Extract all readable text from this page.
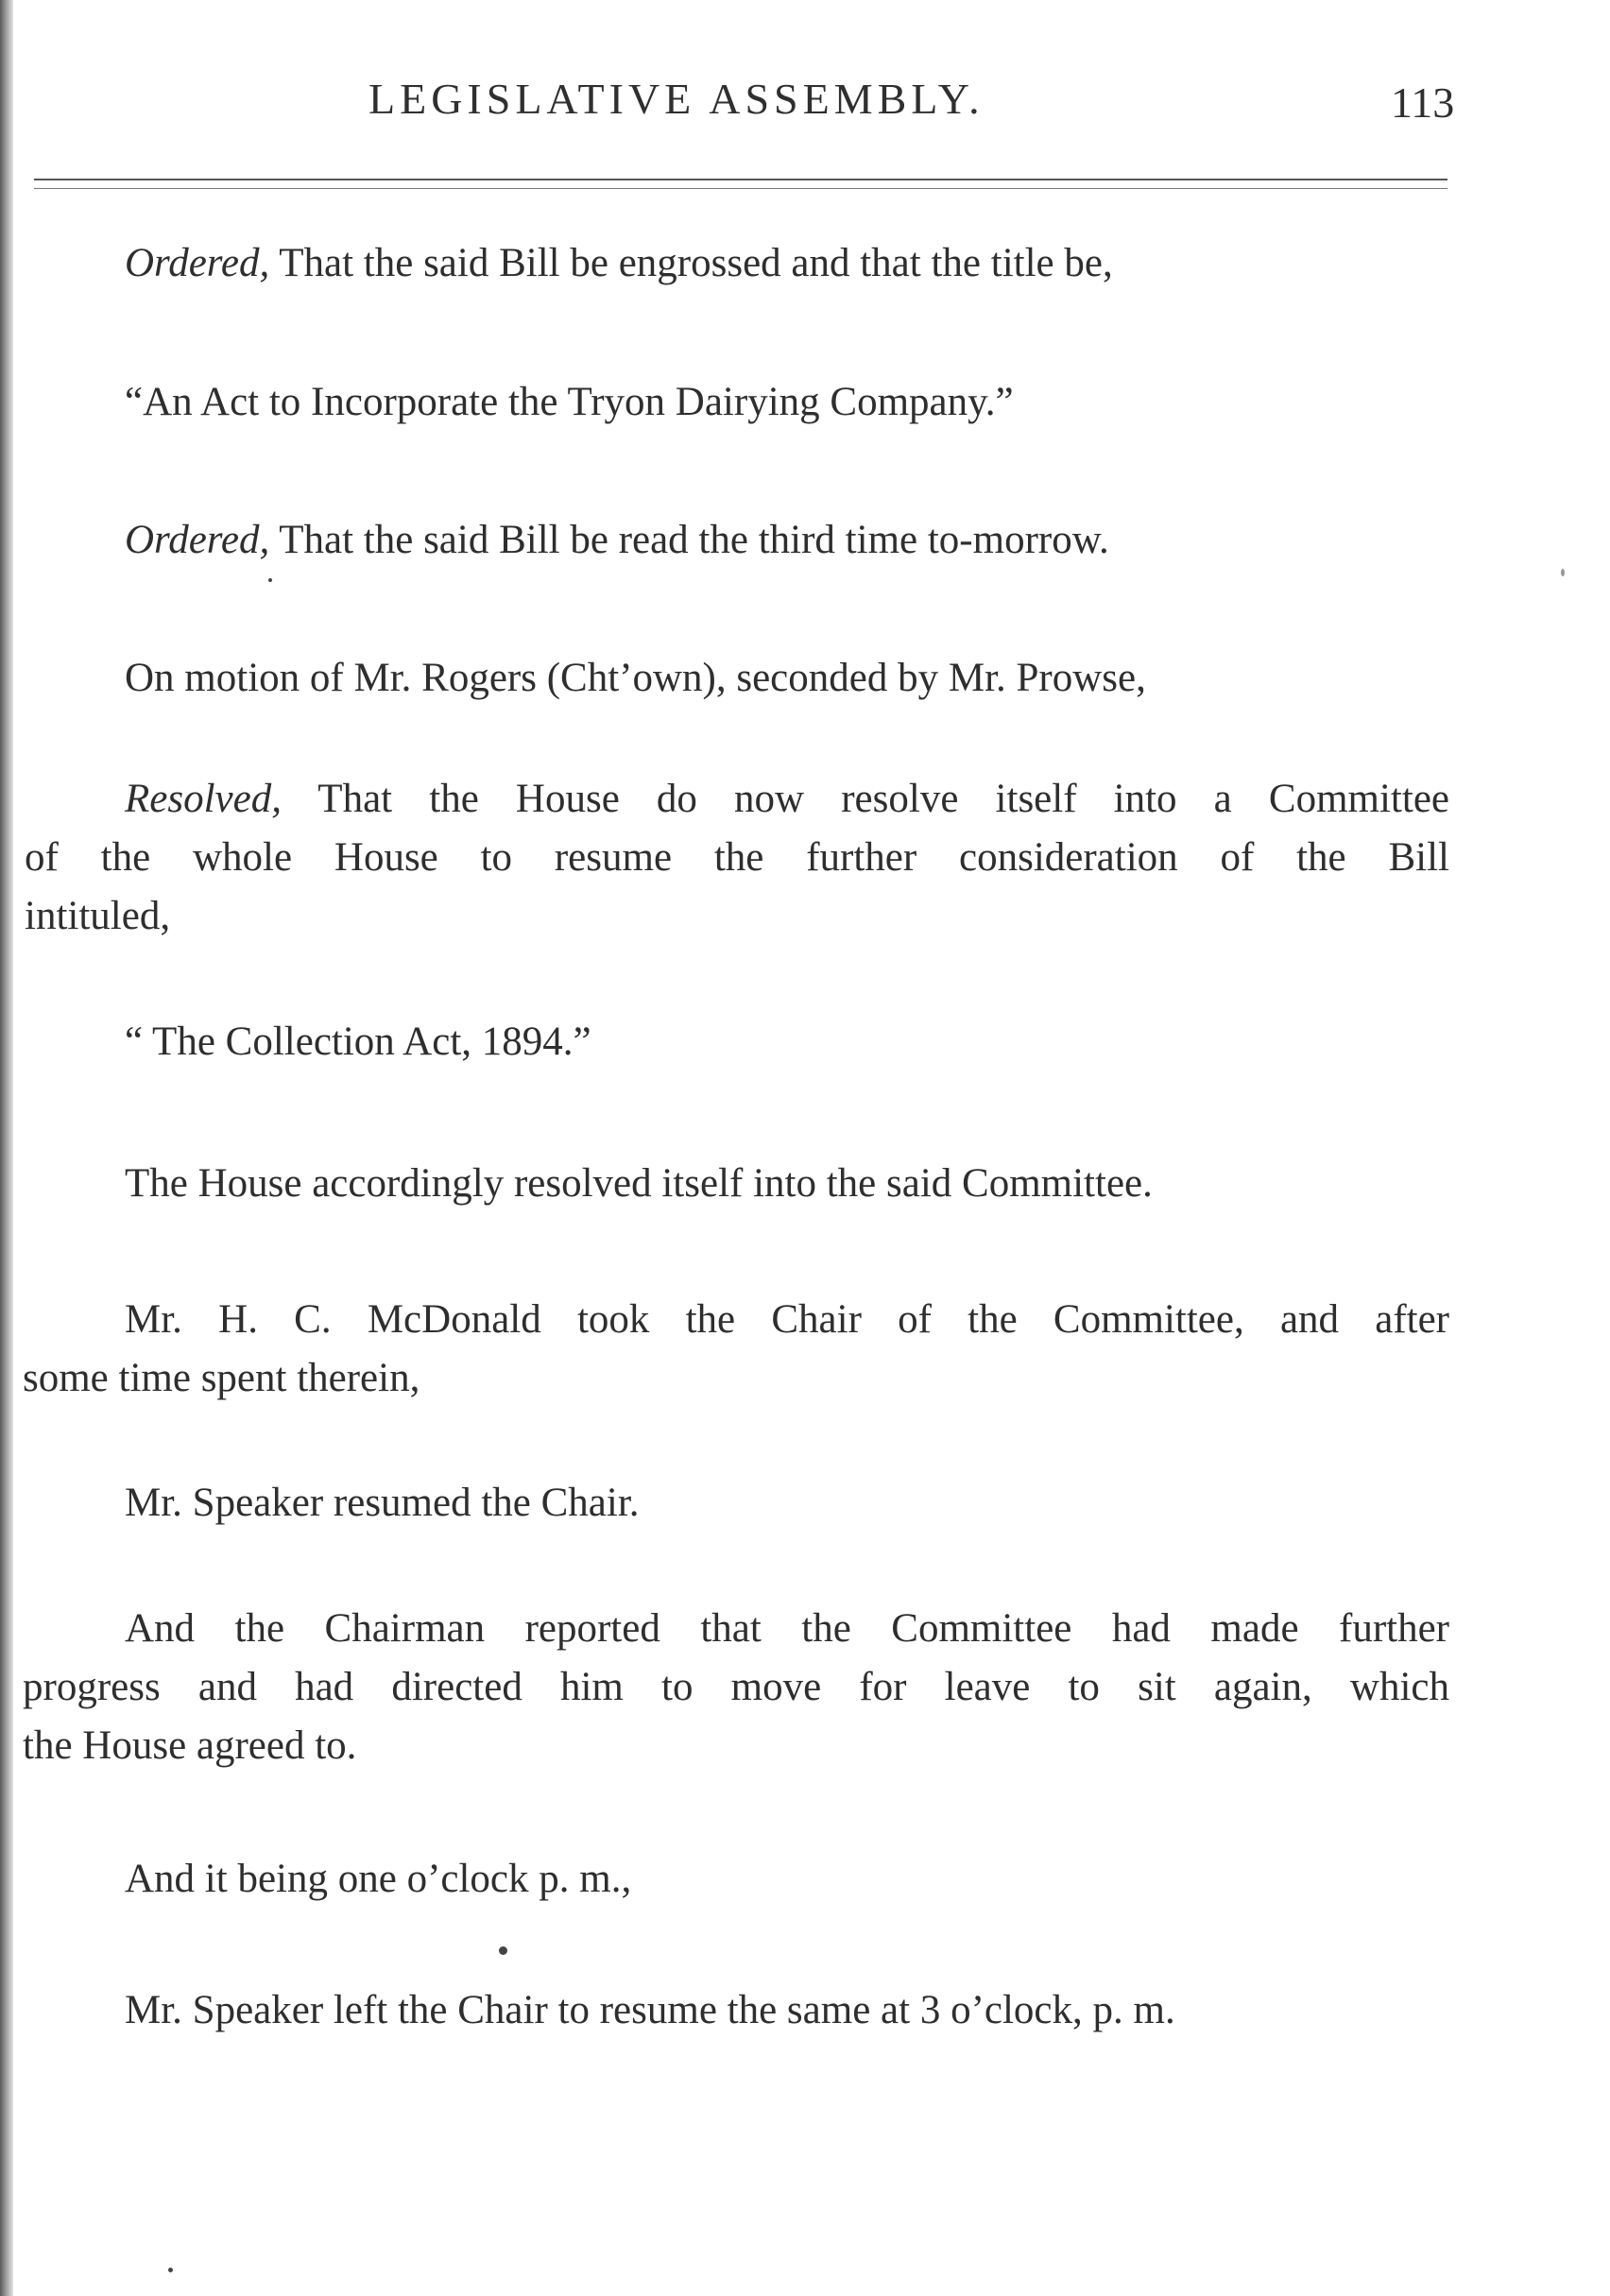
LEGISLATIVE ASSEMBLY.	113
Ordered, That the said Bill be engrossed and that the title be,
“An Act to Incorporate the Tryon Dairying Company.”
Ordered, That the said Bill be read the third time to-morrow.
On motion of Mr. Rogers (Cht’own), seconded by Mr. Prowse,
Resolved, That the House do now resolve itself into a Committee
of the whole House to resume the further consideration of the Bill
intituled,
“ The Collection Act, 1894.”
The House accordingly resolved itself into the said Committee.
Mr. H. C. McDonald took the Chair of the Committee, and after
some time spent therein,
Mr. Speaker resumed the Chair.
And the Chairman reported that the Committee had made further
progress and had directed him to move for leave to sit again, which
the House agreed to.
And it being one o’clock p. m.,
Mr. Speaker left the Chair to resume the same at 3 o’clock, p. m.
